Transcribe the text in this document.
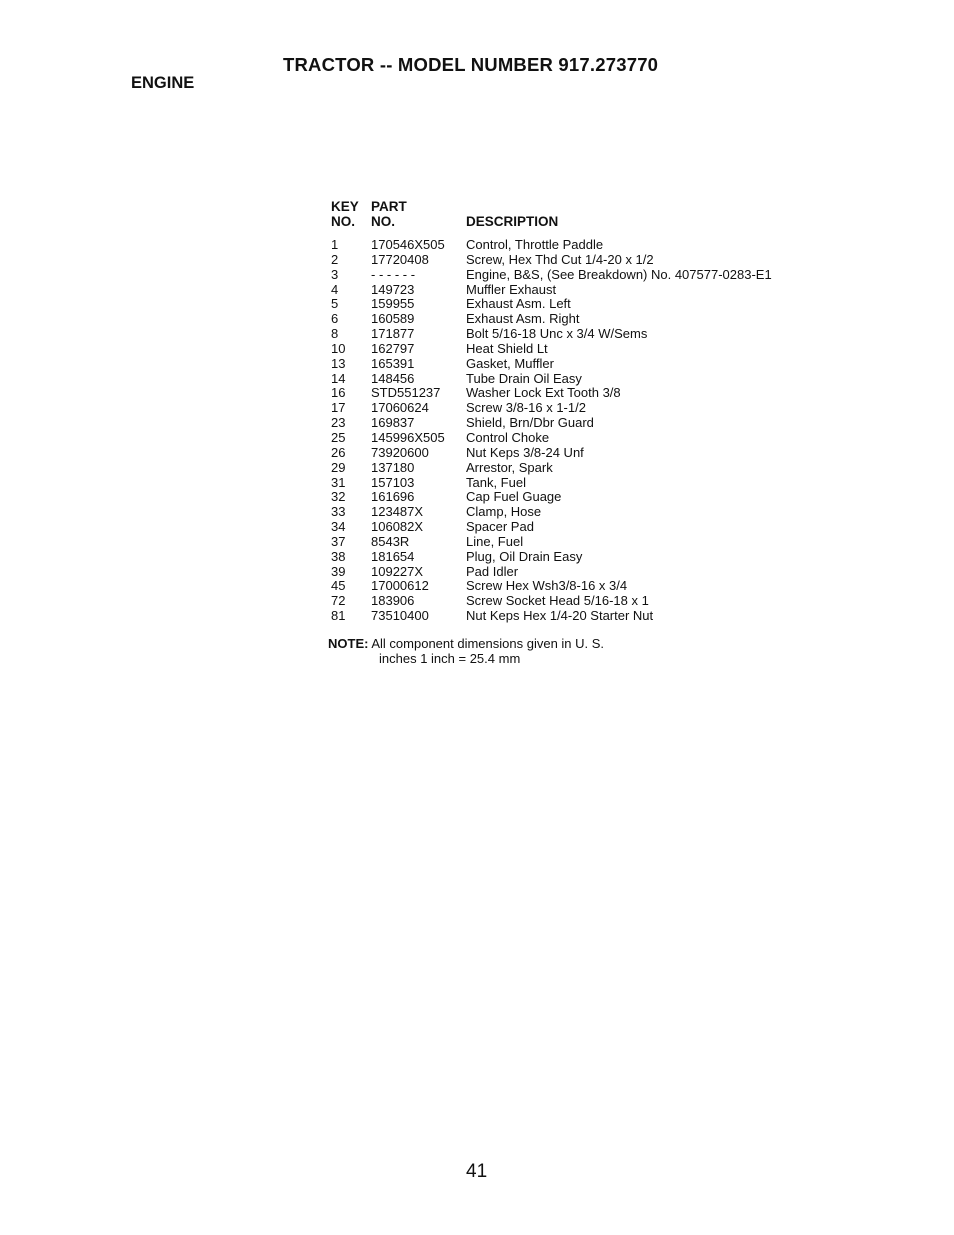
TRACTOR -- MODEL NUMBER 917.273770
ENGINE
KEY PART
NO. NO.	DESCRIPTION
1	170546X505 Control, Throttle Paddle
2	17720408	Screw, Hex Thd Cut 1/4-20 x 1/2
3	- - - - - -	Engine, B&S, (See Breakdown) No. 407577-0283-E1
4	149723	Muffler Exhaust
5	159955	Exhaust Asm. Left
6	160589	Exhaust Asm. Right
8	171877	Bolt 5/16-18 Unc x 3/4 W/Sems
10 162797	Heat Shield Lt
13 165391	Gasket, Muffler
14 148456	Tube Drain Oil Easy
16 STD551237 Washer Lock Ext Tooth 3/8
17 17060624	Screw 3/8-16 x 1-1/2
23 169837	Shield, Brn/Dbr Guard
25 145996X505 Control Choke
26 73920600	Nut Keps 3/8-24 Unf
29 137180	Arrestor, Spark
31 157103	Tank, Fuel
32 161696	Cap Fuel Guage
33 123487X	Clamp, Hose
34 106082X	Spacer Pad
37 8543R	Line, Fuel
38 181654	Plug, Oil Drain Easy
39 109227X	Pad Idler
45 17000612	Screw Hex Wsh3/8-16 x 3/4
72 183906	Screw Socket Head 5/16-18 x 1
81 73510400	Nut Keps Hex 1/4-20 Starter Nut
NOTE: All component dimensions given in U. S.
inches 1 inch = 25.4 mm
41
